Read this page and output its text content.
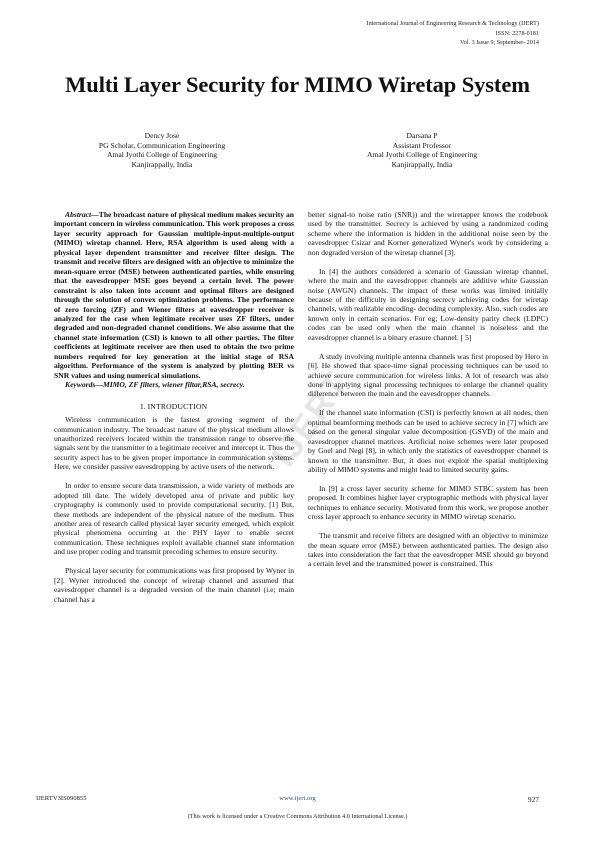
International Journal of Engineering Research & Technology (IJERT)
ISSN: 2278-0181
Vol. 3 Issue 9, September- 2014
Multi Layer Security for MIMO Wiretap System
Dency Jose
PG Scholar, Communication Engineering
Amal Jyothi College of Engineering
Kanjirappally, India
Darsana P
Assistant Professor
Amal Jyothi College of Engineering
Kanjirappally, India
IJERT

Abstract—The broadcast nature of physical medium makes security an important concern in wireless communication. This work proposes a cross layer security approach for Gaussian multiple-input-multiple-output (MIMO) wiretap channel. Here, RSA algorithm is used along with a physical layer dependent transmitter and receiver filter design. The transmit and receive filters are designed with an objective to minimize the mean-square error (MSE) between authenticated parties, while ensuring that the eavesdropper MSE goes beyond a certain level. The power constraint is also taken into account and optimal filters are designed through the solution of convex optimization problems. The performance of zero forcing (ZF) and Wiener filters at eavesdropper receiver is analyzed for the case when legitimate receiver uses ZF filters, under degraded and non-degraded channel conditions. We also assume that the channel state information (CSI) is known to all other parties. The filter coefficients at legitimate receiver are then used to obtain the two prime numbers required for key generation at the initial stage of RSA algorithm. Performance of the system is analyzed by plotting BER vs SNR values and using numerical simulations.

Keywords—MIMO, ZF filters, wiener filtar,RSA, secrecy.

I. INTRODUCTION

Wireless communication is the fastest growing segment of the communication industry. The broadcast nature of the physical medium allows unauthorized receivers located within the transmission range to observe the signals sent by the transmitter to a legitimate receiver and intercept it. Thus the security aspect has to be given proper importance in communication systems. Here, we consider passive eavesdropping by active users of the network.

In order to ensure secure data transmission, a wide variety of methods are adopted till date. The widely developed area of private and public key cryptography is commonly used to provide computational security. [1] But, these methods are independent of the physical nature of the medium. Thus another area of research called physical layer security emerged, which exploit physical phenomena occurring at the PHY layer to enable secret communication. These techniques exploit available channel state information and use proper coding and transmit precoding schemes to ensure security.

Physical layer security for communications was first proposed by Wyner in [2]. Wyner introduced the concept of wiretap channel and assumed that eavesdropper channel is a degraded version of the main channel (i.e; main channel has a

better signal-to noise ratio (SNR)) and the wiretapper knows the codebook used by the transmitter. Secrecy is achieved by using a randomized coding scheme where the information is hidden in the additional noise seen by the eavesdropper Csizar and Korner generalized Wyner's work by considering a non degraded version of the wiretap channel [3].

In [4] the authors considered a scenario of Gaussian wiretap channel, where the main and the eavesdropper channels are additive white Gaussian noise (AWGN) channels. The impact of these works was limited initially because of the difficulty in designing secrecy achieving codes for wiretap channels, with realizable encoding- decoding complexity. Also, such codes are known only in certain scenarios. For eg; Low-density parity check (LDPC) codes can be used only when the main channel is noiseless and the eavesdropper channel is a binary erasure channel. [ 5]

A study involving multiple antenna channels was first proposed by Hero in [6]. He showed that space-time signal processing techniques can be used to achieve secure communication for wireless links. A lot of research was also done in applying signal processing techniques to enlarge the channel quality difference between the main and the eavesdropper channels.

If the channel state information (CSI) is perfectly known at all nodes, then optimal beamforming methods can be used to achieve secrecy in [7] which are based on the general singular value decomposition (GSVD) of the main and eavesdropper channel matrices. Artificial noise schemes were later proposed by Goel and Negi [8], in which only the statistics of eavesdropper channel is known to the transmitter. But, it does not exploit the spatial multiplexing ability of MIMO systems and might lead to limited security gains.

In [9] a cross layer security scheme for MIMO STBC system has been proposed. It combines higher layer cryptographic methods with physical layer techniques to enhance security. Motivated from this work, we propose another cross layer approach to enhance security in MIMO wiretap scenario.

The transmit and receive filters are designed with an objective to minimize the mean square error (MSE) between authenticated parties. The design also takes into consideration the fact that the eavesdropper MSE should go beyond a certain level and the transmitted power is constrained. This

IJERTV3IS090855	www.ijert.org	927
(This work is licensed under a Creative Commons Attribution 4.0 International License.)
